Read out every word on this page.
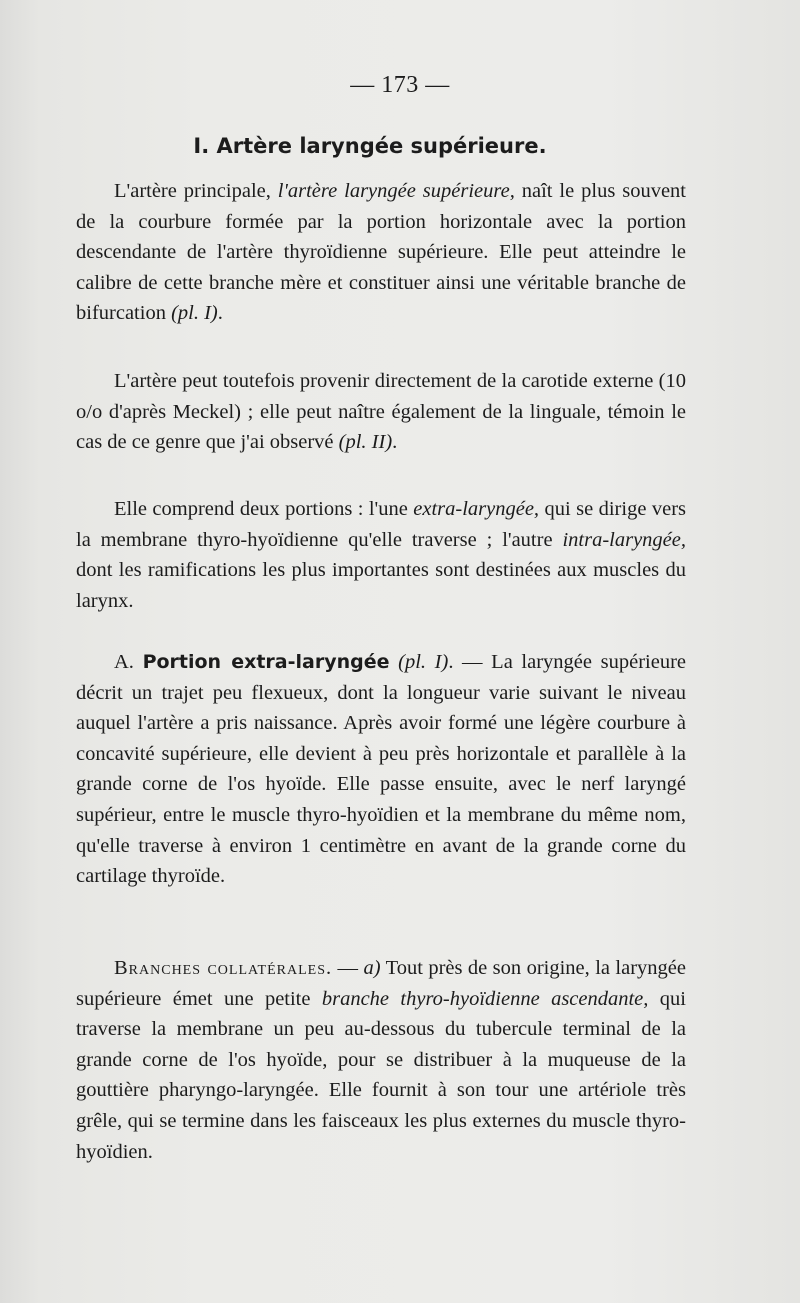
— 173 —
I. Artère laryngée supérieure.
L'artère principale, l'artère laryngée supérieure, naît le plus souvent de la courbure formée par la portion horizontale avec la portion descendante de l'artère thyroïdienne supérieure. Elle peut atteindre le calibre de cette branche mère et constituer ainsi une véritable branche de bifurcation (pl. I).
L'artère peut toutefois provenir directement de la carotide externe (10 o/o d'après Meckel) ; elle peut naître également de la linguale, témoin le cas de ce genre que j'ai observé (pl. II).
Elle comprend deux portions : l'une extra-laryngée, qui se dirige vers la membrane thyro-hyoïdienne qu'elle traverse ; l'autre intra-laryngée, dont les ramifications les plus importantes sont destinées aux muscles du larynx.
A. Portion extra-laryngée (pl. I). — La laryngée supérieure décrit un trajet peu flexueux, dont la longueur varie suivant le niveau auquel l'artère a pris naissance. Après avoir formé une légère courbure à concavité supérieure, elle devient à peu près horizontale et parallèle à la grande corne de l'os hyoïde. Elle passe ensuite, avec le nerf laryngé supérieur, entre le muscle thyro-hyoïdien et la membrane du même nom, qu'elle traverse à environ 1 centimètre en avant de la grande corne du cartilage thyroïde.
Branches collatérales. — a) Tout près de son origine, la laryngée supérieure émet une petite branche thyro-hyoïdienne ascendante, qui traverse la membrane un peu au-dessous du tubercule terminal de la grande corne de l'os hyoïde, pour se distribuer à la muqueuse de la gouttière pharyngo-laryngée. Elle fournit à son tour une artériole très grêle, qui se termine dans les faisceaux les plus externes du muscle thyro-hyoïdien.
